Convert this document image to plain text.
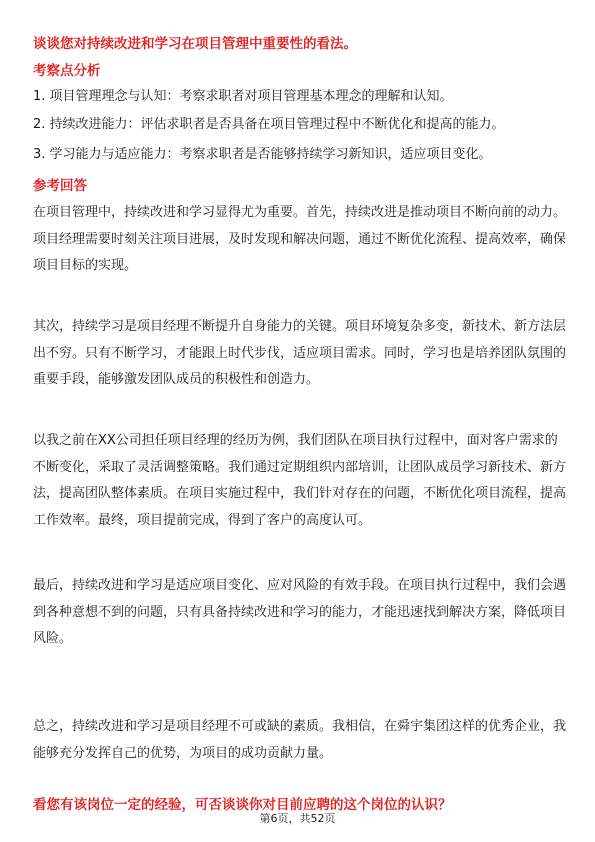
谈谈您对持续改进和学习在项目管理中重要性的看法。
考察点分析
1. 项目管理理念与认知：考察求职者对项目管理基本理念的理解和认知。
2. 持续改进能力：评估求职者是否具备在项目管理过程中不断优化和提高的能力。
3. 学习能力与适应能力：考察求职者是否能够持续学习新知识，适应项目变化。
参考回答

在项目管理中，持续改进和学习显得尤为重要。首先，持续改进是推动项目不断向前的动力。项目经理需要时刻关注项目进展，及时发现和解决问题，通过不断优化流程、提高效率，确保项目目标的实现。

其次，持续学习是项目经理不断提升自身能力的关键。项目环境复杂多变，新技术、新方法层出不穷。只有不断学习，才能跟上时代步伐，适应项目需求。同时，学习也是培养团队氛围的重要手段，能够激发团队成员的积极性和创造力。

以我之前在XX公司担任项目经理的经历为例，我们团队在项目执行过程中，面对客户需求的不断变化，采取了灵活调整策略。我们通过定期组织内部培训，让团队成员学习新技术、新方法，提高团队整体素质。在项目实施过程中，我们针对存在的问题，不断优化项目流程，提高工作效率。最终，项目提前完成，得到了客户的高度认可。

最后，持续改进和学习是适应项目变化、应对风险的有效手段。在项目执行过程中，我们会遇到各种意想不到的问题，只有具备持续改进和学习的能力，才能迅速找到解决方案，降低项目风险。

总之，持续改进和学习是项目经理不可或缺的素质。我相信，在舜宇集团这样的优秀企业，我能够充分发挥自己的优势，为项目的成功贡献力量。

看您有该岗位一定的经验，可否谈谈你对目前应聘的这个岗位的认识？
第6页，共52页
